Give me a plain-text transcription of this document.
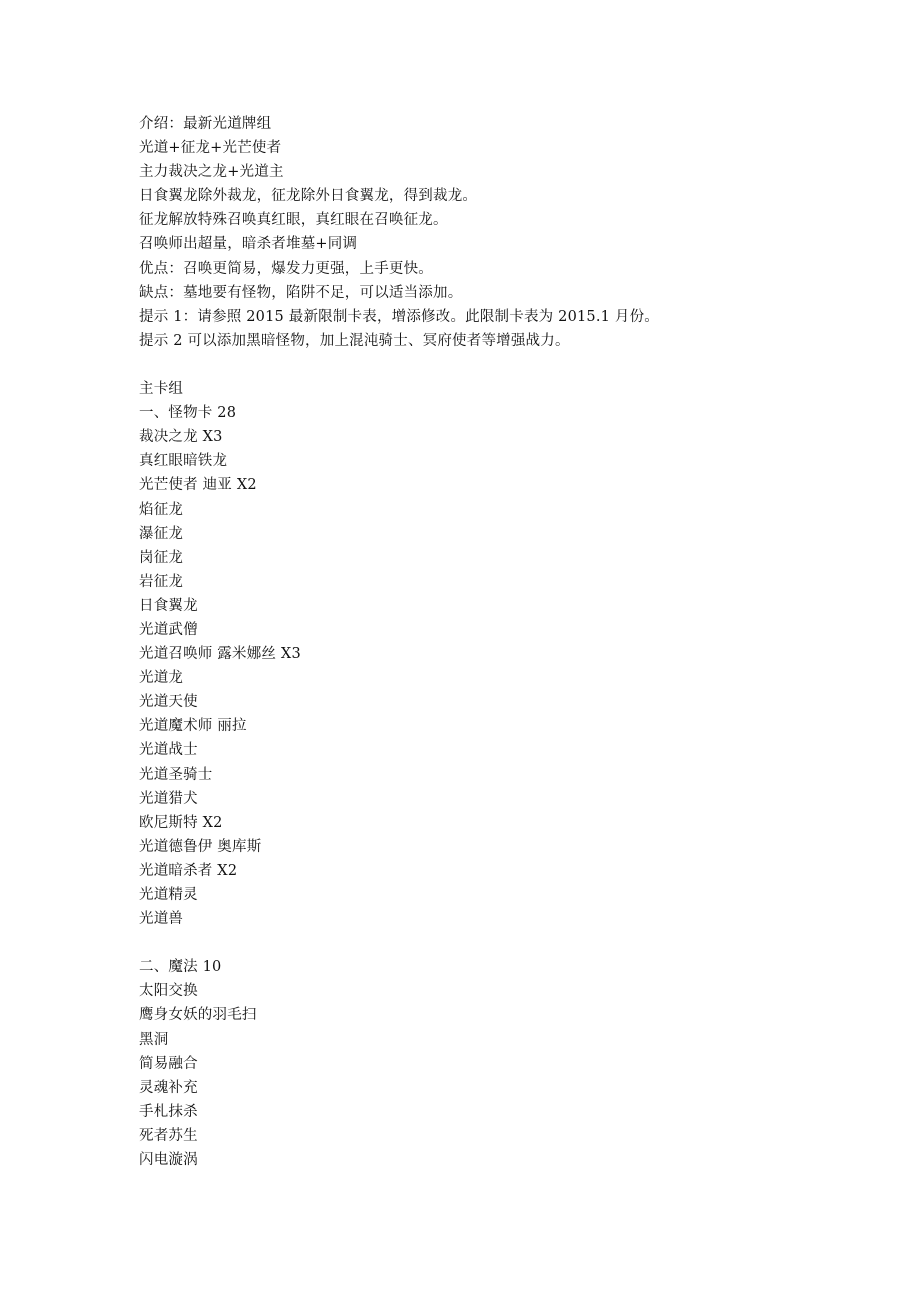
介绍：最新光道牌组
光道+征龙+光芒使者
主力裁决之龙+光道主
日食翼龙除外裁龙，征龙除外日食翼龙，得到裁龙。
征龙解放特殊召唤真红眼，真红眼在召唤征龙。
召唤师出超量，暗杀者堆墓+同调
优点：召唤更简易，爆发力更强，上手更快。
缺点：墓地要有怪物，陷阱不足，可以适当添加。
提示 1：请参照 2015 最新限制卡表，增添修改。此限制卡表为 2015.1 月份。
提示 2 可以添加黑暗怪物，加上混沌骑士、冥府使者等增强战力。
主卡组
一、怪物卡 28
裁决之龙 X3
真红眼暗铁龙
光芒使者 迪亚 X2
焰征龙
瀑征龙
岗征龙
岩征龙
日食翼龙
光道武僧
光道召唤师 露米娜丝 X3
光道龙
光道天使
光道魔术师 丽拉
光道战士
光道圣骑士
光道猎犬
欧尼斯特 X2
光道德鲁伊 奥库斯
光道暗杀者 X2
光道精灵
光道兽
二、魔法 10
太阳交换
鹰身女妖的羽毛扫
黑洞
简易融合
灵魂补充
手札抹杀
死者苏生
闪电漩涡
